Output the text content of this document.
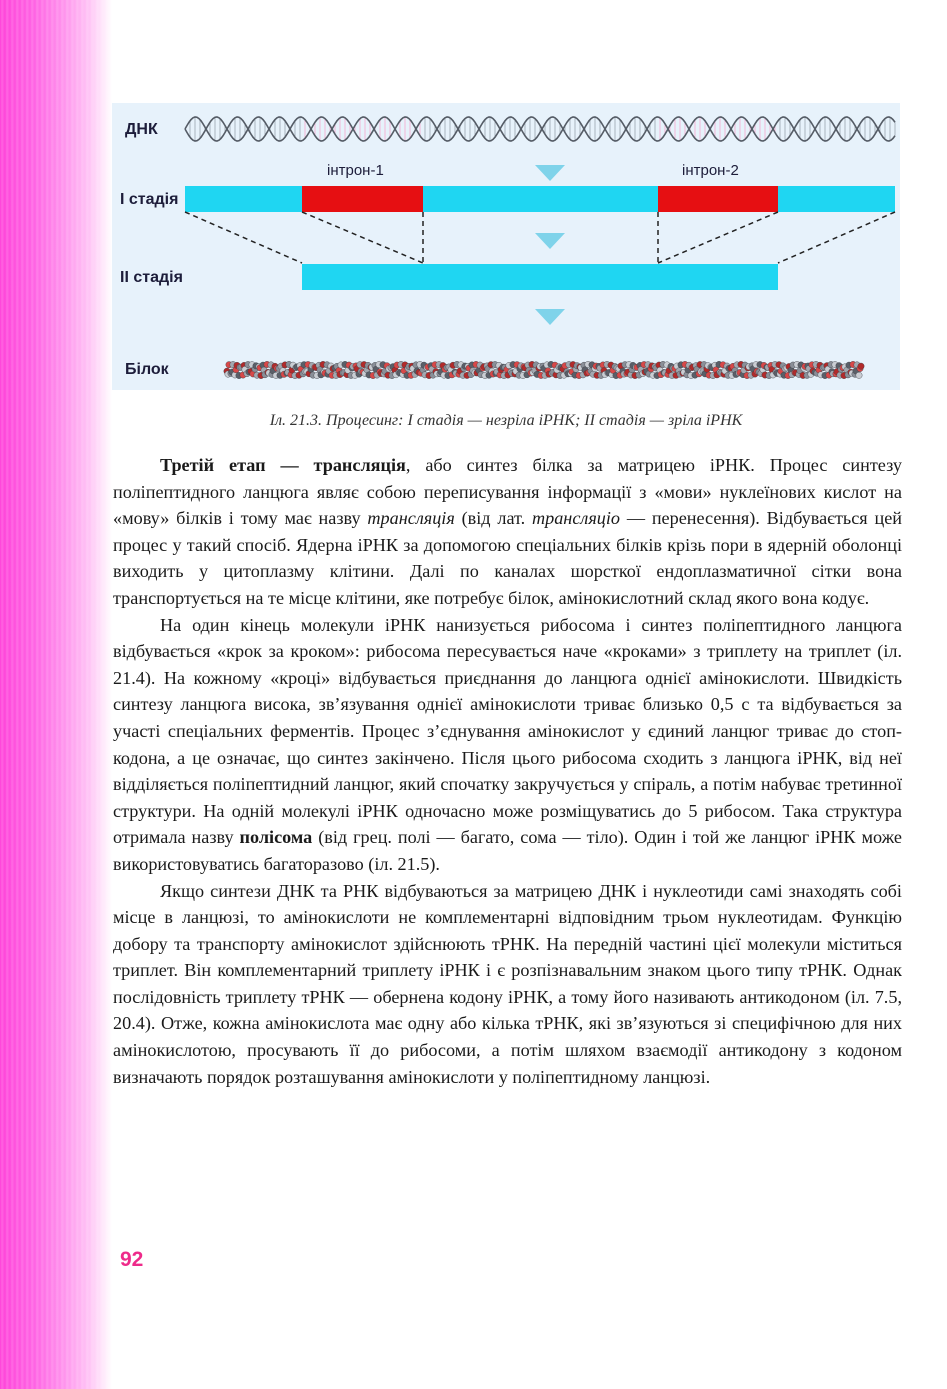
ДНК
І стадія
ІІ стадія
Білок
інтрон-1	інтрон-2
Іл. 21.3. Процесинг: І стадія — незріла іРНК; ІІ стадія — зріла іРНК

Третій етап — трансляція, або синтез білка за матрицею іРНК. Процес синтезу поліпептидного ланцюга являє собою переписування інформації з «мови» нуклеїнових кислот на «мову» білків і тому має назву трансляція (від лат. трансляціо — перенесення). Відбувається цей процес у такий спосіб. Ядерна іРНК за допомогою спеціальних білків крізь пори в ядерній оболонці виходить у цитоплазму клітини. Далі по каналах шорсткої ендоплазматичної сітки вона транспортується на те місце клітини, яке потребує білок, амінокислотний склад якого вона кодує.

На один кінець молекули іРНК нанизується рибосома і синтез поліпептидного ланцюга відбувається «крок за кроком»: рибосома пересувається наче «кроками» з триплету на триплет (іл. 21.4). На кожному «кроці» відбувається приєднання до ланцюга однієї амінокислоти. Швидкість синтезу ланцюга висока, зв’язування однієї амінокислоти триває близько 0,5 с та відбувається за участі спеціальних ферментів. Процес з’єднування амінокислот у єдиний ланцюг триває до стоп-кодона, а це означає, що синтез закінчено. Після цього рибосома сходить з ланцюга іРНК, від неї відділяється поліпептидний ланцюг, який спочатку закручується у спіраль, а потім набуває третинної структури. На одній молекулі іРНК одночасно може розміщуватись до 5 рибосом. Така структура отримала назву полісома (від грец. полі — багато, сома — тіло). Один і той же ланцюг іРНК може використовуватись багаторазово (іл. 21.5).

Якщо синтези ДНК та РНК відбуваються за матрицею ДНК і нуклеотиди самі знаходять собі місце в ланцюзі, то амінокислоти не комплементарні відповідним трьом нуклеотидам. Функцію добору та транспорту амінокислот здійснюють тРНК. На передній частині цієї молекули міститься триплет. Він комплементарний триплету іРНК і є розпізнавальним знаком цього типу тРНК. Однак послідовність триплету тРНК — обернена кодону іРНК, а тому його називають антикодоном (іл. 7.5, 20.4). Отже, кожна амінокислота має одну або кілька тРНК, які зв’язуються зі специфічною для них амінокислотою, просувають її до рибосоми, а потім шляхом взаємодії антикодону з кодоном визначають порядок розташування амінокислоти у поліпептидному ланцюзі.

92
